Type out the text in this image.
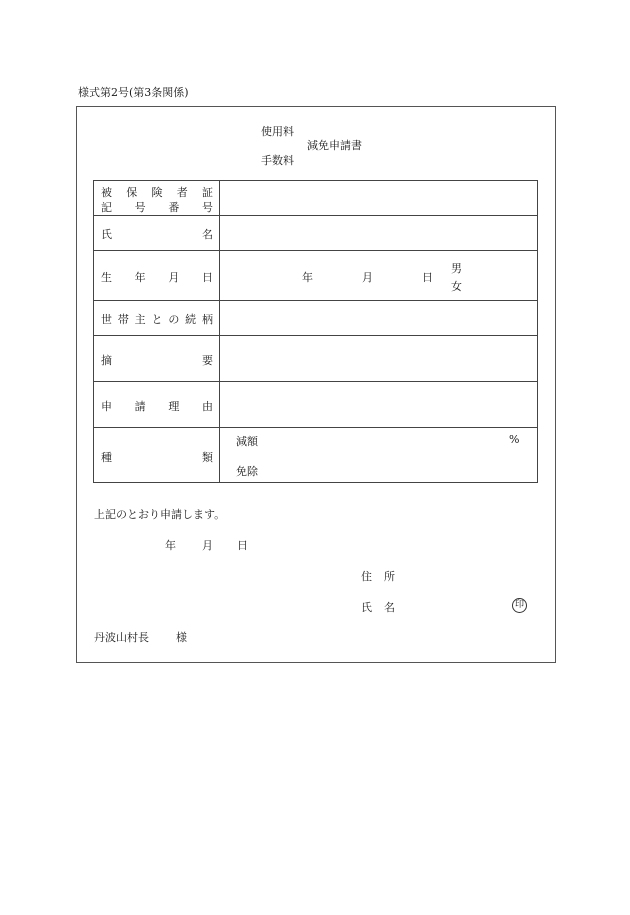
様式第2号(第3条関係)
使用料
減免申請書
手数料
被 保 険 者 証
記 号 番 号
氏	名
生 年 月 日	年	月	日
男
女
世 帯 主 と の 続 柄
摘	要
申 請 理 由
種	類
減額	%
免除
上記のとおり申請します。
年 月 日
住 所
氏 名	印
丹波山村長 様
